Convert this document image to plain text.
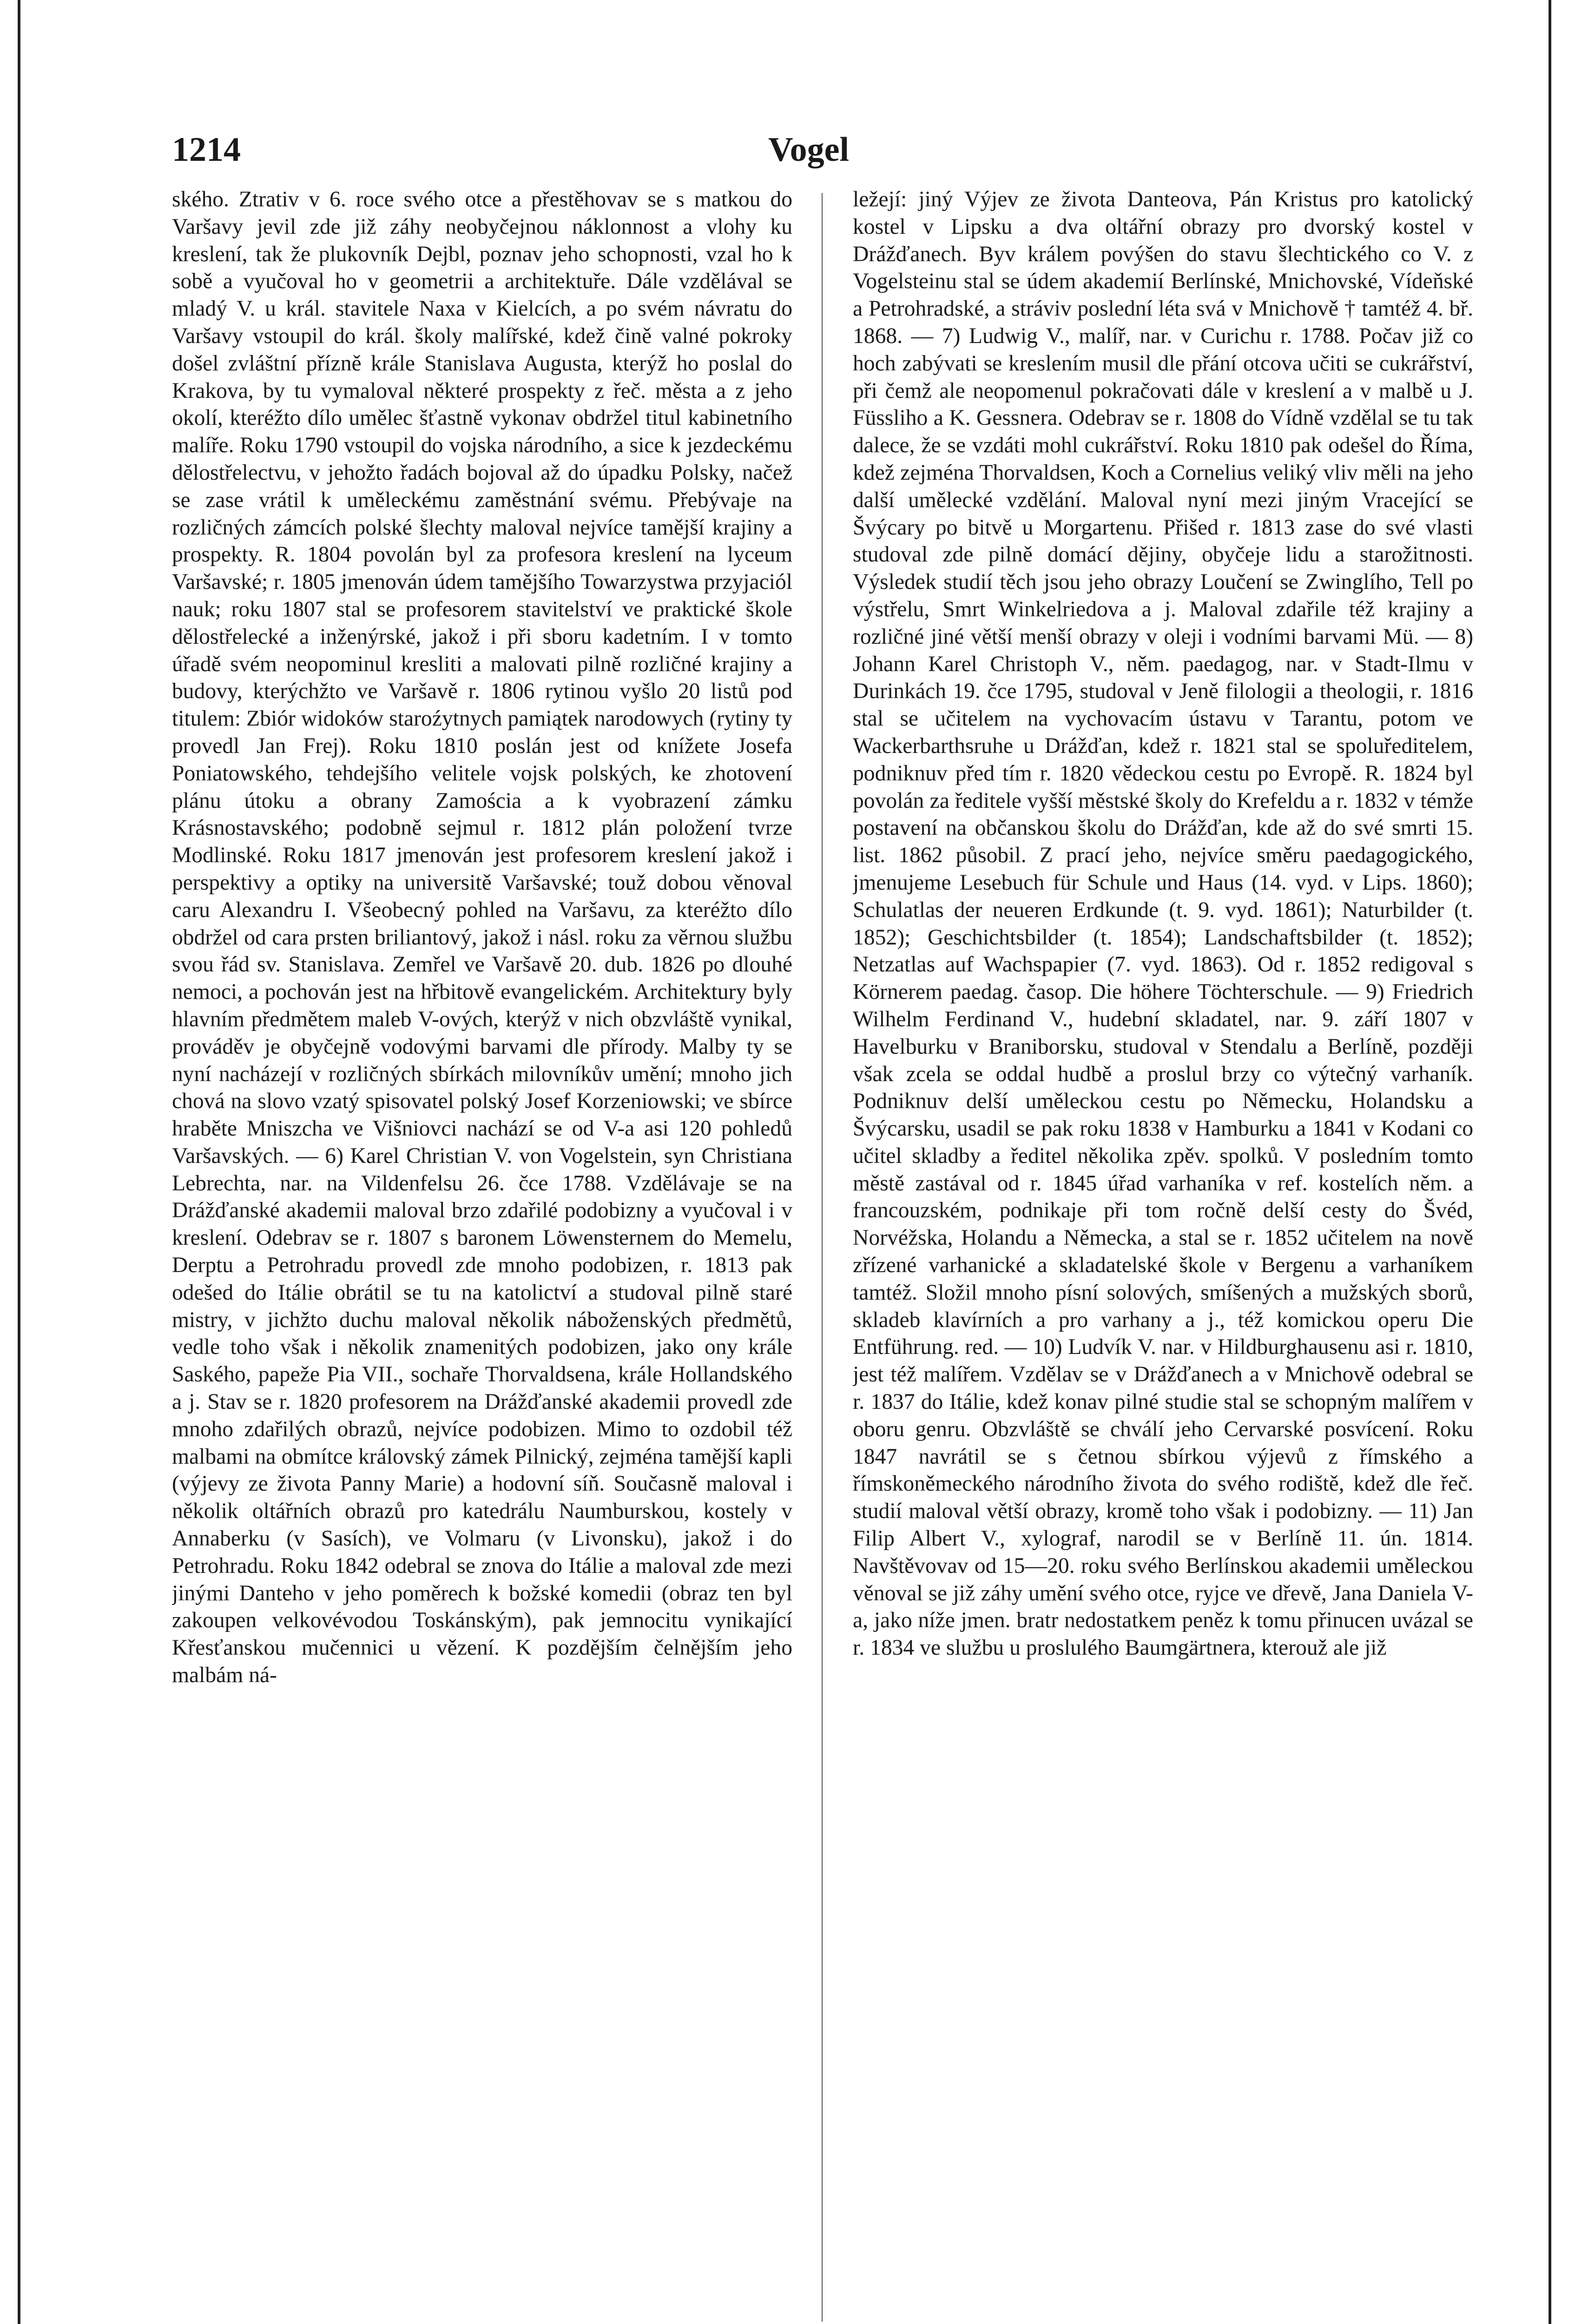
1214	Vogel

ského. Ztrativ v 6. roce svého otce a přestěhovav se s matkou do Varšavy jevil zde již záhy neobyčejnou náklonnost a vlohy ku kreslení, tak že plukovník Dejbl, poznav jeho schopnosti, vzal ho k sobě a vyučoval ho v geometrii a architektuře. Dále vzdělával se mladý V. u král. stavitele Naxa v Kielcích, a po svém návratu do Varšavy vstoupil do král. školy malířské, kdež čině valné pokroky došel zvláštní přízně krále Stanislava Augusta, kterýž ho poslal do Krakova, by tu vymaloval některé prospekty z řeč. města a z jeho okolí, kteréžto dílo umělec šťastně vykonav obdržel titul kabinetního malíře. Roku 1790 vstoupil do vojska národního, a sice k jezdeckému dělostřelectvu, v jehožto řadách bojoval až do úpadku Polsky, načež se zase vrátil k uměleckému zaměstnání svému. Přebývaje na rozličných zámcích polské šlechty maloval nejvíce tamější krajiny a prospekty. R. 1804 povolán byl za profesora kreslení na lyceum Varšavské; r. 1805 jmenován údem tamějšího Towarzystwa przyjaciól nauk; roku 1807 stal se profesorem stavitelství ve praktické škole dělostřelecké a inženýrské, jakož i při sboru kadetním. I v tomto úřadě svém neopominul kresliti a malovati pilně rozličné krajiny a budovy, kterýchžto ve Varšavě r. 1806 rytinou vyšlo 20 listů pod titulem: Zbiór widoków staroźytnych pamiątek narodowych (rytiny ty provedl Jan Frej). Roku 1810 poslán jest od knížete Josefa Poniatowského, tehdejšího velitele vojsk polských, ke zhotovení plánu útoku a obrany Zamościa a k vyobrazení zámku Krásnostavského; podobně sejmul r. 1812 plán položení tvrze Modlinské. Roku 1817 jmenován jest profesorem kreslení jakož i perspektivy a optiky na universitě Varšavské; touž dobou věnoval caru Alexandru I. Všeobecný pohled na Varšavu, za kteréžto dílo obdržel od cara prsten briliantový, jakož i násl. roku za věrnou službu svou řád sv. Stanislava. Zemřel ve Varšavě 20. dub. 1826 po dlouhé nemoci, a pochován jest na hřbitově evangelickém. Architektury byly hlavním předmětem maleb V-ových, kterýž v nich obzvláště vynikal, prováděv je obyčejně vodovými barvami dle přírody. Malby ty se nyní nacházejí v rozličných sbírkách milovníkův umění; mnoho jich chová na slovo vzatý spisovatel polský Josef Korzeniowski; ve sbírce hraběte Mniszcha ve Višniovci nachází se od V-a asi 120 pohledů Varšavských. — 6) Karel Christian V. von Vogelstein, syn Christiana Lebrechta, nar. na Vildenfelsu 26. čce 1788. Vzdělávaje se na Drážďanské akademii maloval brzo zdařilé podobizny a vyučoval i v kreslení. Odebrav se r. 1807 s baronem Löwensternem do Memelu, Derptu a Petrohradu provedl zde mnoho podobizen, r. 1813 pak odešed do Itálie obrátil se tu na katolictví a studoval pilně staré mistry, v jichžto duchu maloval několik náboženských předmětů, vedle toho však i několik znamenitých podobizen, jako ony krále Saského, papeže Pia VII., sochaře Thorvaldsena, krále Hollandského a j. Stav se r. 1820 profesorem na Drážďanské akademii provedl zde mnoho zdařilých obrazů, nejvíce podobizen. Mimo to ozdobil též malbami na obmítce královský zámek Pilnický, zejména tamější kapli (výjevy ze života Panny Marie) a hodovní síň. Současně maloval i několik oltářních obrazů pro katedrálu Naumburskou, kostely v Annaberku (v Sasích), ve Volmaru (v Livonsku), jakož i do Petrohradu. Roku 1842 odebral se znova do Itálie a maloval zde mezi jinými Danteho v jeho poměrech k božské komedii (obraz ten byl zakoupen velkovévodou Toskánským), pak jemnocitu vynikající Křesťanskou mučennici u vězení. K pozdějším čelnějším jeho malbám ná-

ležejí: jiný Výjev ze života Danteova, Pán Kristus pro katolický kostel v Lipsku a dva oltářní obrazy pro dvorský kostel v Drážďanech. Byv králem povýšen do stavu šlechtického co V. z Vogelsteinu stal se údem akademií Berlínské, Mnichovské, Vídeňské a Petrohradské, a stráviv poslední léta svá v Mnichově † tamtéž 4. bř. 1868. — 7) Ludwig V., malíř, nar. v Curichu r. 1788. Počav již co hoch zabývati se kreslením musil dle přání otcova učiti se cukrářství, při čemž ale neopomenul pokračovati dále v kreslení a v malbě u J. Füssliho a K. Gessnera. Odebrav se r. 1808 do Vídně vzdělal se tu tak dalece, že se vzdáti mohl cukrářství. Roku 1810 pak odešel do Říma, kdež zejména Thorvaldsen, Koch a Cornelius veliký vliv měli na jeho další umělecké vzdělání. Maloval nyní mezi jiným Vracející se Švýcary po bitvě u Morgartenu. Přišed r. 1813 zase do své vlasti studoval zde pilně domácí dějiny, obyčeje lidu a starožitnosti. Výsledek studií těch jsou jeho obrazy Loučení se Zwinglího, Tell po výstřelu, Smrt Winkelriedova a j. Maloval zdařile též krajiny a rozličné jiné větší menší obrazy v oleji i vodními barvami Mü. — 8) Johann Karel Christoph V., něm. paedagog, nar. v Stadt-Ilmu v Durinkách 19. čce 1795, studoval v Jeně filologii a theologii, r. 1816 stal se učitelem na vychovacím ústavu v Tarantu, potom ve Wackerbarthsruhe u Drážďan, kdež r. 1821 stal se spoluředitelem, podniknuv před tím r. 1820 vědeckou cestu po Evropě. R. 1824 byl povolán za ředitele vyšší městské školy do Krefeldu a r. 1832 v témže postavení na občanskou školu do Drážďan, kde až do své smrti 15. list. 1862 působil. Z prací jeho, nejvíce směru paedagogického, jmenujeme Lesebuch für Schule und Haus (14. vyd. v Lips. 1860); Schulatlas der neueren Erdkunde (t. 9. vyd. 1861); Naturbilder (t. 1852); Geschichtsbilder (t. 1854); Landschaftsbilder (t. 1852); Netzatlas auf Wachspapier (7. vyd. 1863). Od r. 1852 redigoval s Körnerem paedag. časop. Die höhere Töchterschule. — 9) Friedrich Wilhelm Ferdinand V., hudební skladatel, nar. 9. září 1807 v Havelburku v Braniborsku, studoval v Stendalu a Berlíně, později však zcela se oddal hudbě a proslul brzy co výtečný varhaník. Podniknuv delší uměleckou cestu po Německu, Holandsku a Švýcarsku, usadil se pak roku 1838 v Hamburku a 1841 v Kodani co učitel skladby a ředitel několika zpěv. spolků. V posledním tomto městě zastával od r. 1845 úřad varhaníka v ref. kostelích něm. a francouzském, podnikaje při tom ročně delší cesty do Švéd, Norvéžska, Holandu a Německa, a stal se r. 1852 učitelem na nově zřízené varhanické a skladatelské škole v Bergenu a varhaníkem tamtéž. Složil mnoho písní solových, smíšených a mužských sborů, skladeb klavírních a pro varhany a j., též komickou operu Die Entführung. red. — 10) Ludvík V. nar. v Hildburghausenu asi r. 1810, jest též malířem. Vzdělav se v Drážďanech a v Mnichově odebral se r. 1837 do Itálie, kdež konav pilné studie stal se schopným malířem v oboru genru. Obzvláště se chválí jeho Cervarské posvícení. Roku 1847 navrátil se s četnou sbírkou výjevů z římského a římskoněmeckého národního života do svého rodiště, kdež dle řeč. studií maloval větší obrazy, kromě toho však i podobizny. — 11) Jan Filip Albert V., xylograf, narodil se v Berlíně 11. ún. 1814. Navštěvovav od 15—20. roku svého Berlínskou akademii uměleckou věnoval se již záhy umění svého otce, ryjce ve dřevě, Jana Daniela V-a, jako níže jmen. bratr nedostatkem peněz k tomu přinucen uvázal se r. 1834 ve službu u proslulého Baumgärtnera, kterouž ale již
